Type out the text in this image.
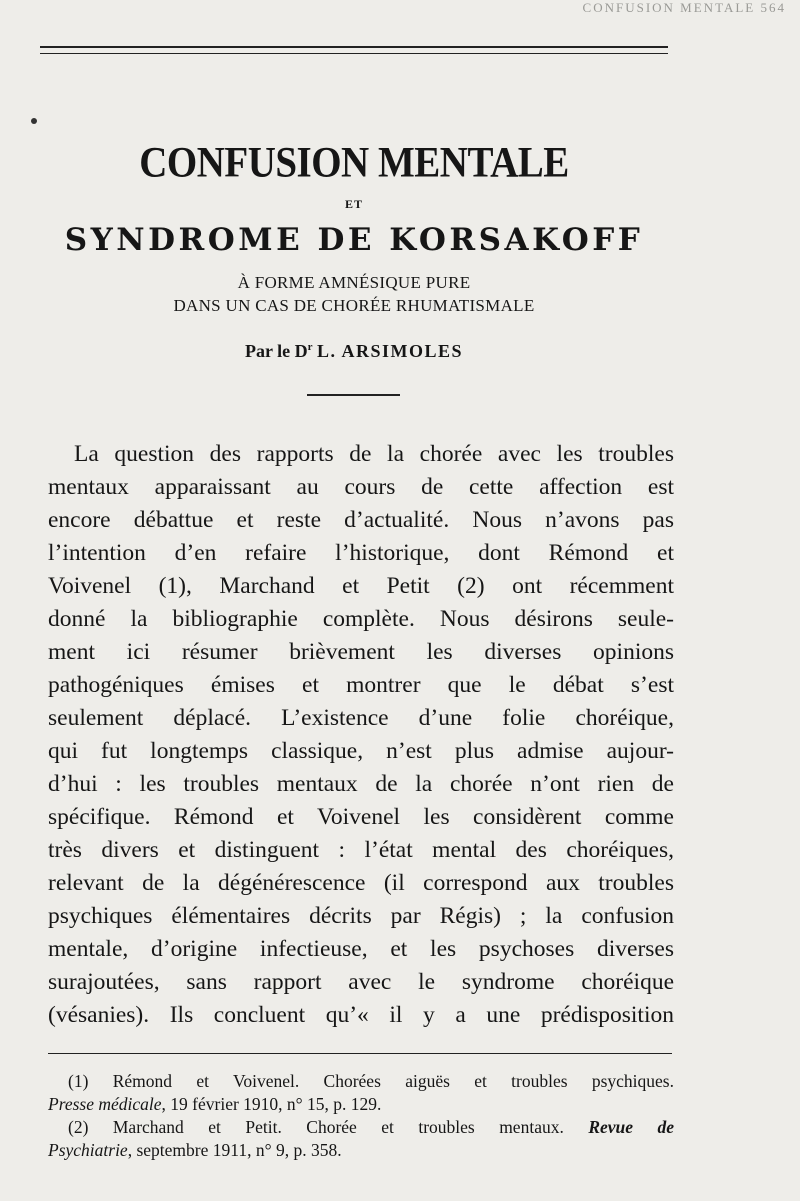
CONFUSION MENTALE 564
CONFUSION MENTALE
ET
SYNDROME DE KORSAKOFF
À FORME AMNÉSIQUE PURE
DANS UN CAS DE CHORÉE RHUMATISMALE
Par le $D^r$ L. ARSIMOLES
La question des rapports de la chorée avec les troubles
mentaux apparaissant au cours de cette affection est
encore débattue et reste d’actualité. Nous n’avons pas
l’intention d’en refaire l’historique, dont Rémond et
Voivenel (1), Marchand et Petit (2) ont récemment
donné la bibliographie complète. Nous désirons seule-
ment ici résumer brièvement les diverses opinions
pathogéniques émises et montrer que le débat s’est
seulement déplacé. L’existence d’une folie choréique,
qui fut longtemps classique, n’est plus admise aujour-
d’hui : les troubles mentaux de la chorée n’ont rien de
spécifique. Rémond et Voivenel les considèrent comme
très divers et distinguent : l’état mental des choréiques,
relevant de la dégénérescence (il correspond aux troubles
psychiques élémentaires décrits par Régis) ; la confusion
mentale, d’origine infectieuse, et les psychoses diverses
surajoutées, sans rapport avec le syndrome choréique
(vésanies). Ils concluent qu’« il y a une prédisposition
(1) Rémond et Voivenel. Chorées aiguës et troubles psychiques.
Presse médicale, 19 février 1910, n° 15, p. 129.
(2) Marchand et Petit. Chorée et troubles mentaux. Revue de
Psychiatrie, septembre 1911, n° 9, p. 358.
